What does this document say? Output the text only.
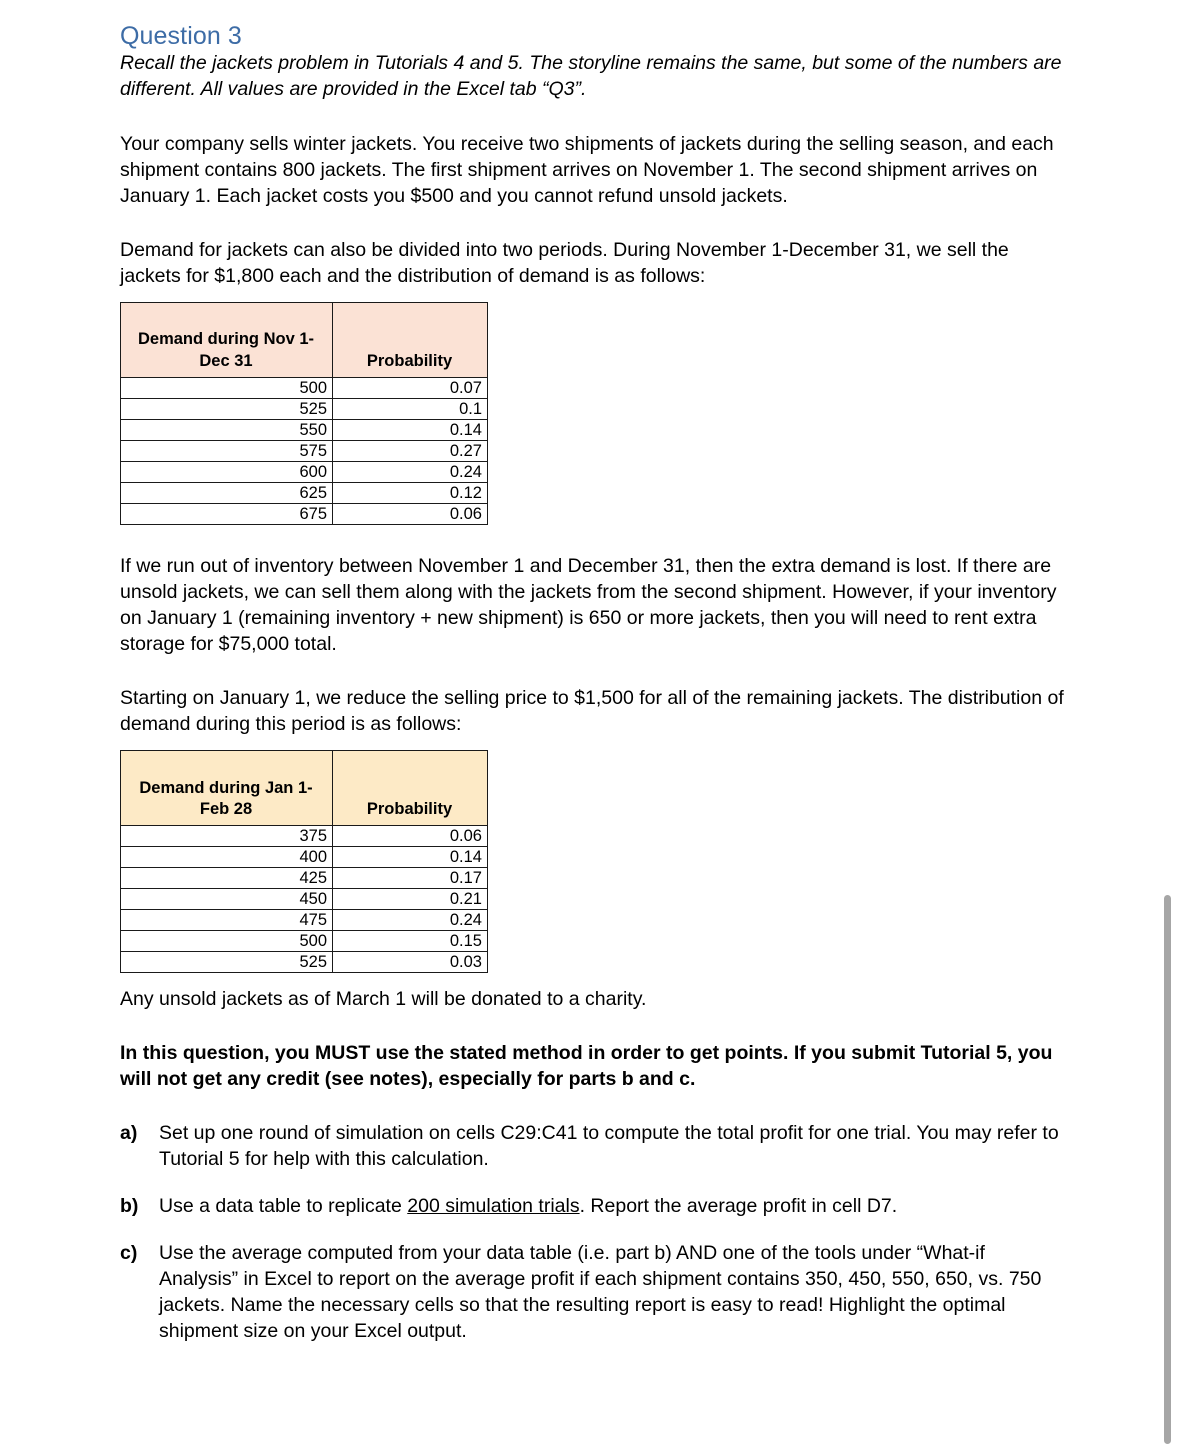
Question 3

Recall the jackets problem in Tutorials 4 and 5. The storyline remains the same, but some of the numbers are different. All values are provided in the Excel tab “Q3”.

Your company sells winter jackets. You receive two shipments of jackets during the selling season, and each shipment contains 800 jackets. The first shipment arrives on November 1. The second shipment arrives on January 1. Each jacket costs you $500 and you cannot refund unsold jackets.

Demand for jackets can also be divided into two periods. During November 1-December 31, we sell the jackets for $1,800 each and the distribution of demand is as follows:

Demand during Nov 1-Dec 31	Probability
500	0.07
525	0.1
550	0.14
575	0.27
600	0.24
625	0.12
675	0.06

If we run out of inventory between November 1 and December 31, then the extra demand is lost. If there are unsold jackets, we can sell them along with the jackets from the second shipment. However, if your inventory on January 1 (remaining inventory + new shipment) is 650 or more jackets, then you will need to rent extra storage for $75,000 total.

Starting on January 1, we reduce the selling price to $1,500 for all of the remaining jackets. The distribution of demand during this period is as follows:

Demand during Jan 1-Feb 28	Probability
375	0.06
400	0.14
425	0.17
450	0.21
475	0.24
500	0.15
525	0.03

Any unsold jackets as of March 1 will be donated to a charity.

In this question, you MUST use the stated method in order to get points. If you submit Tutorial 5, you will not get any credit (see notes), especially for parts b and c.

a) Set up one round of simulation on cells C29:C41 to compute the total profit for one trial. You may refer to Tutorial 5 for help with this calculation.
b) Use a data table to replicate 200 simulation trials. Report the average profit in cell D7.
c) Use the average computed from your data table (i.e. part b) AND one of the tools under “What-if Analysis” in Excel to report on the average profit if each shipment contains 350, 450, 550, 650, vs. 750 jackets. Name the necessary cells so that the resulting report is easy to read! Highlight the optimal shipment size on your Excel output.
